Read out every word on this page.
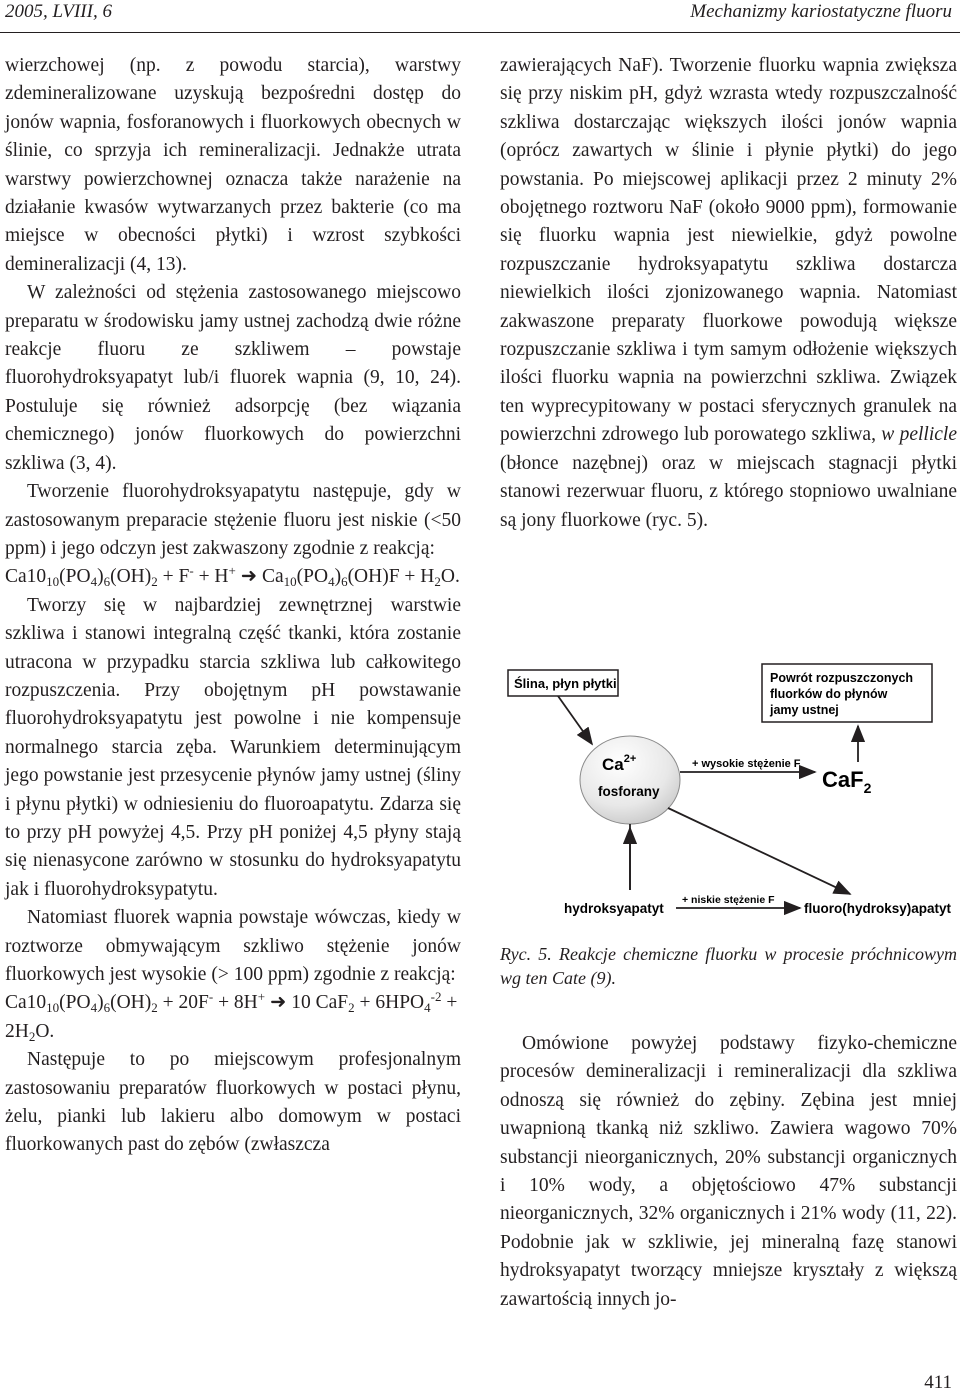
2005, LVIII, 6	Mechanizmy kariostatyczne fluoru

wierzchowej (np. z powodu starcia), warstwy zdemineralizowane uzyskują bezpośredni dostęp do jonów wapnia, fosforanowych i fluorkowych obecnych w ślinie, co sprzyja ich remineralizacji. Jednakże utrata warstwy powierzchownej oznacza także narażenie na działanie kwasów wytwarzanych przez bakterie (co ma miejsce w obecności płytki) i wzrost szybkości demineralizacji (4, 13).

W zależności od stężenia zastosowanego miejscowo preparatu w środowisku jamy ustnej zachodzą dwie różne reakcje fluoru ze szkliwem – powstaje fluorohydroksyapatyt lub/i fluorek wapnia (9, 10, 24). Postuluje się również adsorpcję (bez wiązania chemicznego) jonów fluorkowych do powierzchni szkliwa (3, 4).

Tworzenie fluorohydroksyapatytu następuje, gdy w zastosowanym preparacie stężenie fluoru jest niskie (<50 ppm) i jego odczyn jest zakwaszony zgodnie z reakcją:

$Ca10_{10}(PO_4)_6(OH)_2 + F^- + H^+$ ➜ $Ca_{10}(PO_4)_6(OH)F + H_2O$.

Tworzy się w najbardziej zewnętrznej warstwie szkliwa i stanowi integralną część tkanki, która zostanie utracona w przypadku starcia szkliwa lub całkowitego rozpuszczenia. Przy obojętnym pH powstawanie fluorohydroksyapatytu jest powolne i nie kompensuje normalnego starcia zęba. Warunkiem determinującym jego powstanie jest przesycenie płynów jamy ustnej (śliny i płynu płytki) w odniesieniu do fluoroapatytu. Zdarza się to przy pH powyżej 4,5. Przy pH poniżej 4,5 płyny stają się nienasycone zarówno w stosunku do hydroksyapatytu jak i fluorohydroksypatytu.

Natomiast fluorek wapnia powstaje wówczas, kiedy w roztworze obmywającym szkliwo stężenie jonów fluorkowych jest wysokie (> 100 ppm) zgodnie z reakcją:

$Ca10_{10}(PO_4)_6(OH)_2 + 20F^- + 8H^+$ ➜ 10 $CaF_2 + 6HPO_4^{-2} + 2H_2O$.

Następuje to po miejscowym profesjonalnym zastosowaniu preparatów fluorkowych w postaci płynu, żelu, pianki lub lakieru albo domowym w postaci fluorkowanych past do zębów (zwłaszcza

zawierających NaF). Tworzenie fluorku wapnia zwiększa się przy niskim pH, gdyż wzrasta wtedy rozpuszczalność szkliwa dostarczając większych ilości jonów wapnia (oprócz zawartych w ślinie i płynie płytki) do jego powstania. Po miejscowej aplikacji przez 2 minuty 2% obojętnego roztworu NaF (około 9000 ppm), formowanie się fluorku wapnia jest niewielkie, gdyż powolne rozpuszczanie hydroksyapatytu szkliwa dostarcza niewielkich ilości zjonizowanego wapnia. Natomiast zakwaszone preparaty fluorkowe powodują większe rozpuszczanie szkliwa i tym samym odłożenie większych ilości fluorku wapnia na powierzchni szkliwa. Związek ten wyprecypitowany w postaci sferycznych granulek na powierzchni zdrowego lub porowatego szkliwa, w pellicle (błonce nazębnej) oraz w miejscach stagnacji płytki stanowi rezerwuar fluoru, z którego stopniowo uwalniane są jony fluorkowe (ryc. 5).

Ślina, płyn płytki	Powrót rozpuszczonych
fluorków do płynów
jamy ustnej
$Ca^{2+}$
fosforany
+ wysokie stężenie F
CaF$_2$
+ niskie stężenie F
hydroksyapatyt	fluoro(hydroksy)apatyt
Ryc. 5. Reakcje chemiczne fluorku w procesie próchnicowym wg ten Cate (9).

Omówione powyżej podstawy fizyko-chemiczne procesów demineralizacji i remineralizacji dla szkliwa odnoszą się również do zębiny. Zębina jest mniej uwapnioną tkanką niż szkliwo. Zawiera wagowo 70% substancji nieorganicznych, 20% substancji organicznych i 10% wody, a objętościowo 47% substancji nieorganicznych, 32% organicznych i 21% wody (11, 22). Podobnie jak w szkliwie, jej mineralną fazę stanowi hydroksyapatyt tworzący mniejsze kryształy z większą zawartością innych jo-

411
